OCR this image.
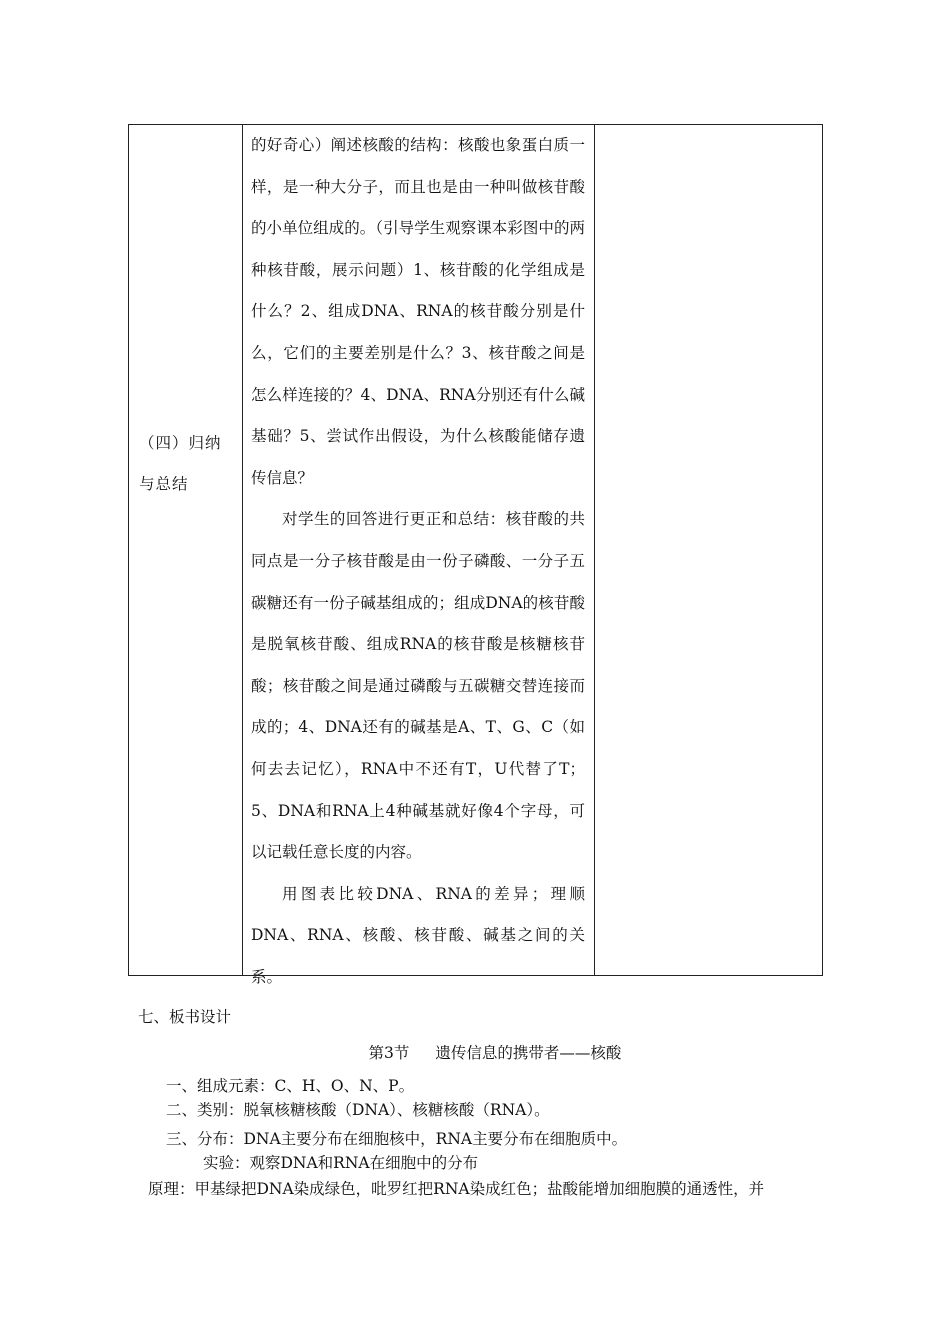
（四）归纳
与总结

的好奇心）阐述核酸的结构：核酸也象蛋白质一样，是一种大分子，而且也是由一种叫做核苷酸的小单位组成的。（引导学生观察课本彩图中的两种核苷酸，展示问题）1、核苷酸的化学组成是什么？2、组成DNA、RNA的核苷酸分别是什么，它们的主要差别是什么？3、核苷酸之间是怎么样连接的？4、DNA、RNA分别还有什么碱基础？5、尝试作出假设，为什么核酸能储存遗传信息？

对学生的回答进行更正和总结：核苷酸的共同点是一分子核苷酸是由一份子磷酸、一分子五碳糖还有一份子碱基组成的；组成DNA的核苷酸是脱氧核苷酸、组成RNA的核苷酸是核糖核苷酸；核苷酸之间是通过磷酸与五碳糖交替连接而成的；4、DNA还有的碱基是A、T、G、C（如何去去记忆），RNA中不还有T，U代替了T；5、DNA和RNA上4种碱基就好像4个字母，可以记载任意长度的内容。

用图表比较DNA、RNA的差异；理顺DNA、RNA、核酸、核苷酸、碱基之间的关系。

七、板书设计
第3节 遗传信息的携带者——核酸
一、组成元素：C、H、O、N、P。
二、类别：脱氧核糖核酸（DNA）、核糖核酸（RNA）。
三、分布：DNA主要分布在细胞核中，RNA主要分布在细胞质中。
实验：观察DNA和RNA在细胞中的分布
原理：甲基绿把DNA染成绿色，吡罗红把RNA染成红色；盐酸能增加细胞膜的通透性，并
